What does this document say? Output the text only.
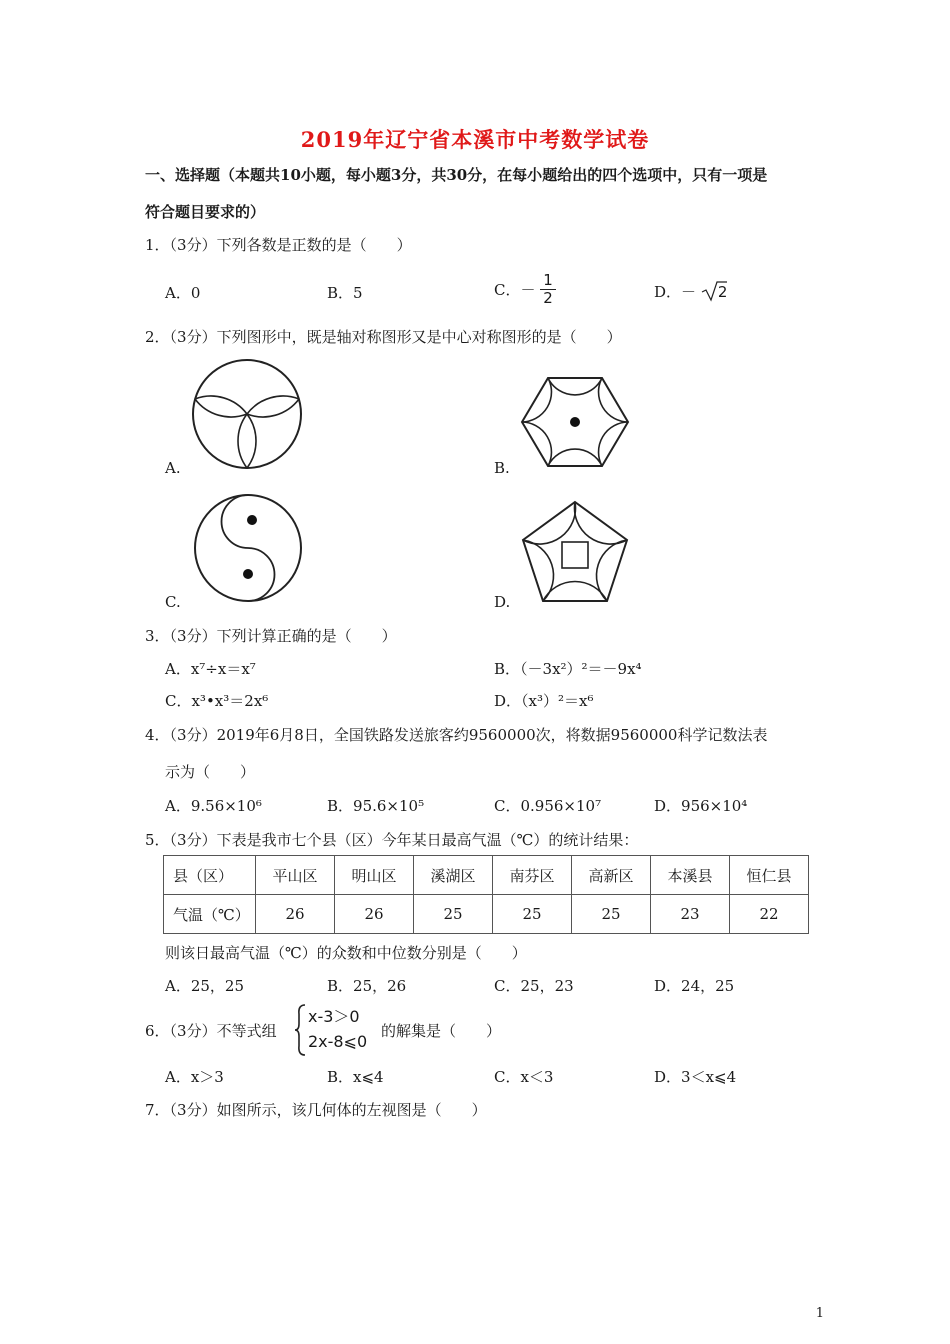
2019年辽宁省本溪市中考数学试卷
一、选择题（本题共10小题，每小题3分，共30分，在每小题给出的四个选项中，只有一项是
符合题目要求的）
1．（3分）下列各数是正数的是（　　）
A．0	B．5	C．－ $\frac{1}{2}$	D．－ 2
2．（3分）下列图形中，既是轴对称图形又是中心对称图形的是（　　）
A.	B.
C.	D.
3．（3分）下列计算正确的是（　　）
A．x⁷÷x＝x⁷	B．（－3x²）²＝－9x⁴
C．x³•x³＝2x⁶	D．（x³）²＝x⁶
4．（3分）2019年6月8日，全国铁路发送旅客约9560000次，将数据9560000科学记数法表
示为（　　）
A．9.56×10⁶	B．95.6×10⁵	C．0.956×10⁷	D．956×10⁴
5．（3分）下表是我市七个县（区）今年某日最高气温（℃）的统计结果：
县（区）	平山区	明山区	溪湖区	南芬区	高新区	本溪县	恒仁县
气温（℃）	26	26	25	25	25	23	22
则该日最高气温（℃）的众数和中位数分别是（　　）
A．25，25	B．25，26	C．25，23	D．24，25
6．（3分）不等式组
x-3＞0
2x-8⩽0
的解集是（　　）
A．x＞3	B．x⩽4	C．x＜3	D．3＜x⩽4
7．（3分）如图所示，该几何体的左视图是（　　）
1
